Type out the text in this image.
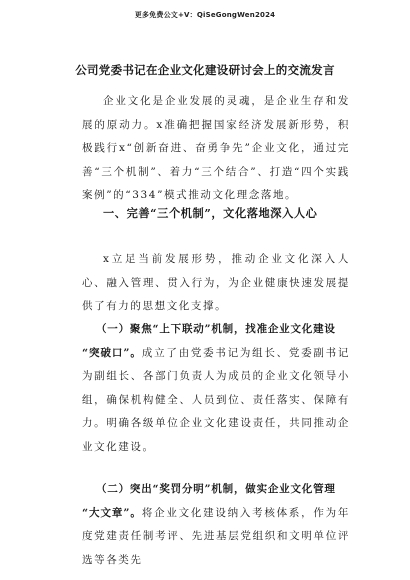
更多免费公文+V：QiSeGongWen2024
公司党委书记在企业文化建设研讨会上的交流发言

企业文化是企业发展的灵魂，是企业生存和发展的原动力。x准确把握国家经济发展新形势，积极践行x“创新奋进、奋勇争先”企业文化，通过完善“三个机制”、着力“三个结合”、打造“四个实践案例”的“334”模式推动文化理念落地。

一、完善“三个机制”，文化落地深入人心

x立足当前发展形势，推动企业文化深入人心、融入管理、贯入行为，为企业健康快速发展提供了有力的思想文化支撑。

（一）聚焦“上下联动”机制，找准企业文化建设
“突破口”。成立了由党委书记为组长、党委副书记为副组长、各部门负责人为成员的企业文化领导小组，确保机构健全、人员到位、责任落实、保障有力。明确各级单位企业文化建设责任，共同推动企业文化建设。

（二）突出“奖罚分明”机制，做实企业文化管理
“大文章”。将企业文化建设纳入考核体系，作为年度党建责任制考评、先进基层党组织和文明单位评选等各类先
